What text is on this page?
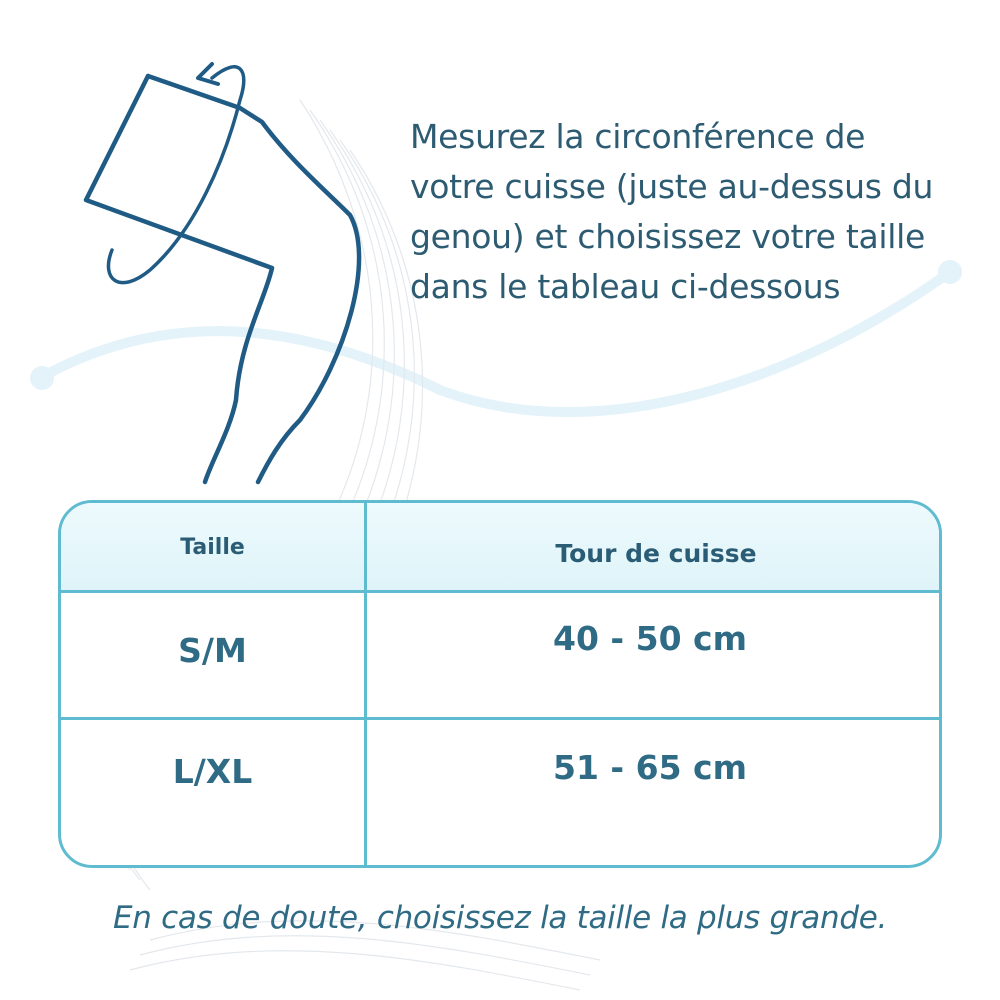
Mesurez la circonférence de
votre cuisse (juste au-dessus du
genou) et choisissez votre taille
dans le tableau ci-dessous
Taille	Tour de cuisse
S/M	40 - 50 cm
L/XL	51 - 65 cm
En cas de doute, choisissez la taille la plus grande.
